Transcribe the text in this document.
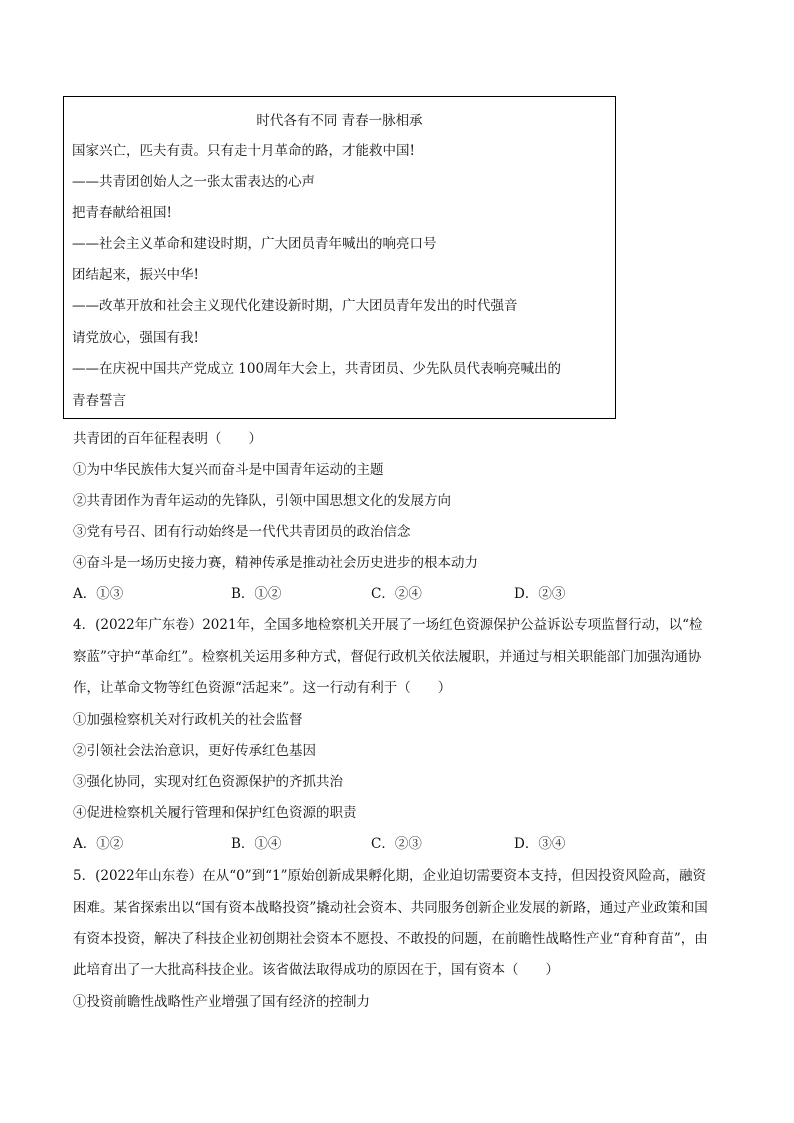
时代各有不同 青春一脉相承
国家兴亡，匹夫有责。只有走十月革命的路，才能救中国!
——共青团创始人之一张太雷表达的心声
把青春献给祖国!
——社会主义革命和建设时期，广大团员青年喊出的响亮口号
团结起来，振兴中华!
——改革开放和社会主义现代化建设新时期，广大团员青年发出的时代强音
请党放心，强国有我!
——在庆祝中国共产党成立 100周年大会上，共青团员、少先队员代表响亮喊出的
青春誓言
共青团的百年征程表明（　　）
①为中华民族伟大复兴而奋斗是中国青年运动的主题
②共青团作为青年运动的先锋队，引领中国思想文化的发展方向
③党有号召、团有行动始终是一代代共青团员的政治信念
④奋斗是一场历史接力赛，精神传承是推动社会历史进步的根本动力
A．①③	B．①②	C．②④	D．②③
4．(2022年广东卷）2021年，全国多地检察机关开展了一场红色资源保护公益诉讼专项监督行动，以“检
察蓝”守护“革命红”。检察机关运用多种方式，督促行政机关依法履职，并通过与相关职能部门加强沟通协
作，让革命文物等红色资源“活起来”。这一行动有利于（　　）
①加强检察机关对行政机关的社会监督
②引领社会法治意识，更好传承红色基因
③强化协同，实现对红色资源保护的齐抓共治
④促进检察机关履行管理和保护红色资源的职责
A．①②	B．①④	C．②③	D．③④
5．(2022年山东卷）在从“0”到“1”原始创新成果孵化期，企业迫切需要资本支持，但因投资风险高，融资
困难。某省探索出以“国有资本战略投资”撬动社会资本、共同服务创新企业发展的新路，通过产业政策和国
有资本投资，解决了科技企业初创期社会资本不愿投、不敢投的问题，在前瞻性战略性产业“育种育苗”，由
此培育出了一大批高科技企业。该省做法取得成功的原因在于，国有资本（　　）
①投资前瞻性战略性产业增强了国有经济的控制力
